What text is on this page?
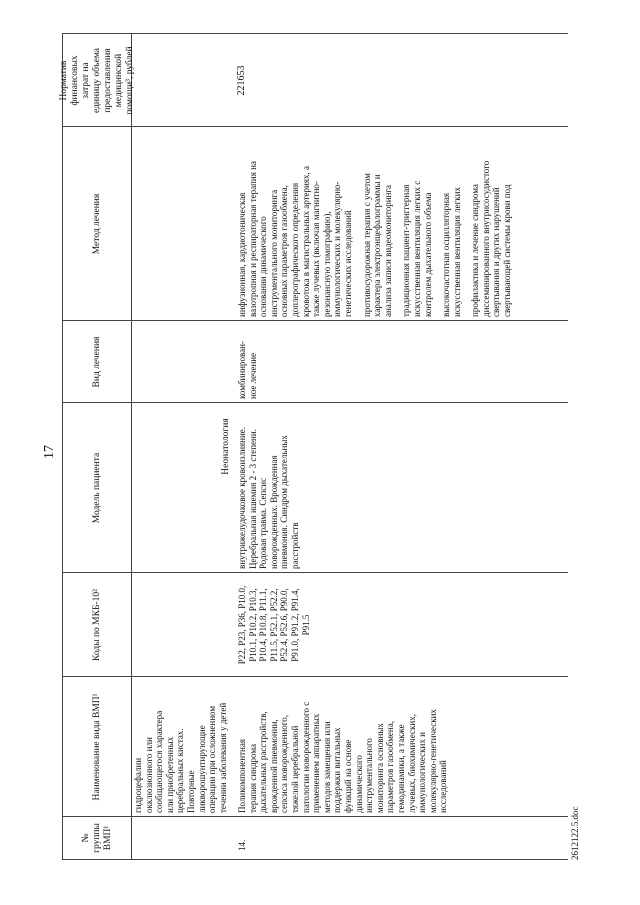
17
№ группы ВМП¹
Наименование вида ВМП¹
Коды по МКБ-10²
Модель пациента
Вид лечения
Метод лечения
Норматив финансовых затрат на единицу объема предоставления медицинской помощи³, рублей
гидроцефалии окклюзионного или сообщающегося характера или приобретенных церебральных кистах. Повторные ликворошунтирующие операции при осложненном течении заболевания у детей
Неонатология
14.
Поликомпонентная терапия синдрома дыхательных расстройств, врожденной пневмонии, сепсиса новорожденного, тяжелой церебральной патологии новорожденного с применением аппаратных методов замещения или поддержки витальных функций на основе динамического инструментального мониторинга основных параметров газообмена, гемодинамики, а также лучевых, биохимических, иммунологических и молекулярно-генетических исследований
P22, P23, P36, P10.0, P10.1, P10.2, P10.3, P10.4, P10.8, P11.1, P11.5, P52.1, P52.2, P52.4, P52.6, P90.0, P91.0, P91.2, P91.4, P91.5
внутрижелудочковое кровоизлияние. Церебральная ишемия 2 - 3 степени. Родовая травма. Сепсис новорожденных. Врожденная пневмония. Синдром дыхательных расстройств
комбинирован- ное лечение
инфузионная, кардиотоническая вазотропная и респираторная терапия на основании динамического инструментального мониторинга основных параметров газообмена, доплерографического определения кровотока в магистральных артериях, а также лучевых (включая магнитно- резонансную томографию), иммунологических и молекулярно- генетических исследований противосудорожная терапия с учетом характера электроэнцефалограммы и анализа записи видеомониторинга традиционная пациент-триггерная искусственная вентиляция легких с контролем дыхательного объема высокочастотная осцилляторная искусственная вентиляция легких профилактика и лечение синдрома диссеминированного внутрисосудистого свертывания и других нарушений свертывающей системы крови под
221653
2612122.5.doc
